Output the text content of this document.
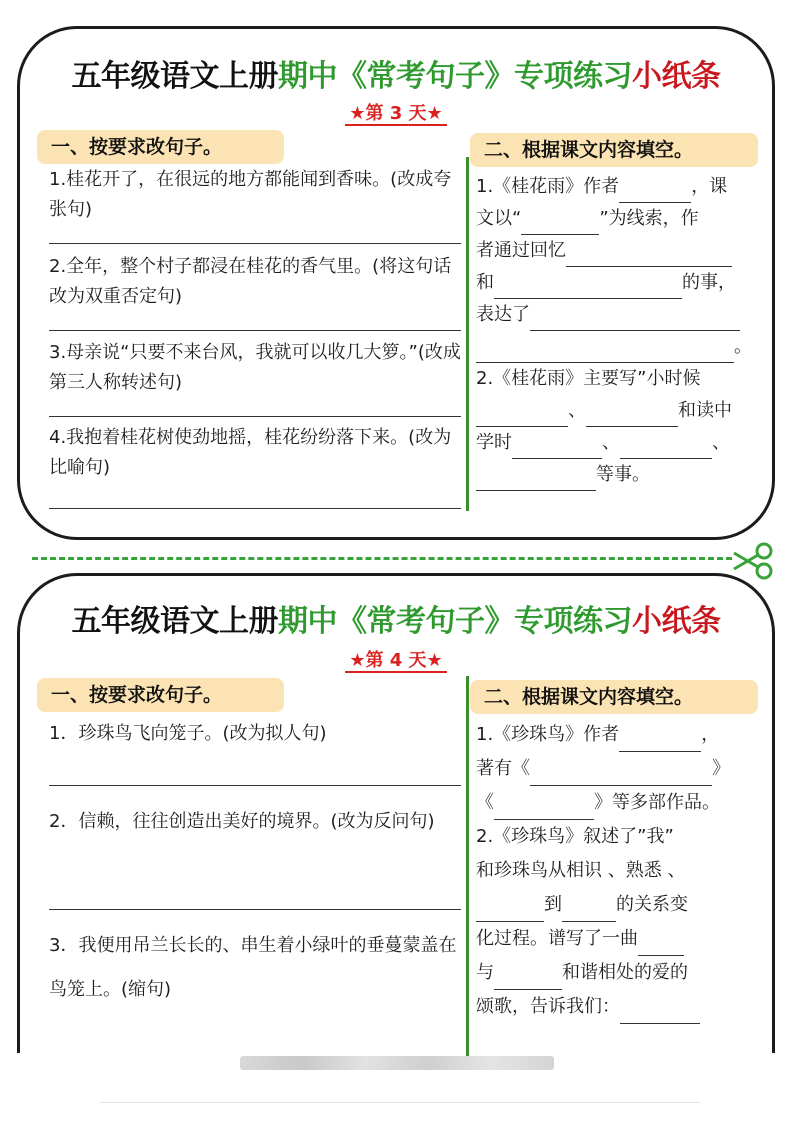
五年级语文上册期中《常考句子》专项练习小纸条
★第 3 天★
一、按要求改句子。	二、根据课文内容填空。
1.桂花开了，在很远的地方都能闻到香味。(改成夸张句)
2.全年，整个村子都浸在桂花的香气里。(将这句话改为双重否定句)
3.母亲说“只要不来台风，我就可以收几大箩。”(改成第三人称转述句)
4.我抱着桂花树使劲地摇，桂花纷纷落下来。(改为比喻句)
1.《桂花雨》作者	，课
文以“	”为线索，作
者通过回忆
和	的事，
表达了
。
2.《桂花雨》主要写”小时候
、	和读中
学时	、	、
等事。
五年级语文上册期中《常考句子》专项练习小纸条
★第 4 天★
一、按要求改句子。	二、根据课文内容填空。
1．珍珠鸟飞向笼子。(改为拟人句)
2．信赖，往往创造出美好的境界。(改为反问句)
3．我便用吊兰长长的、串生着小绿叶的垂蔓蒙盖在鸟笼上。(缩句)
1.《珍珠鸟》作者	，
著有《	》
《	》等多部作品。
2.《珍珠鸟》叙述了”我”
和珍珠鸟从相识 、熟悉 、
到	的关系变
化过程。谱写了一曲
与	和谐相处的爱的
颂歌，告诉我们：
